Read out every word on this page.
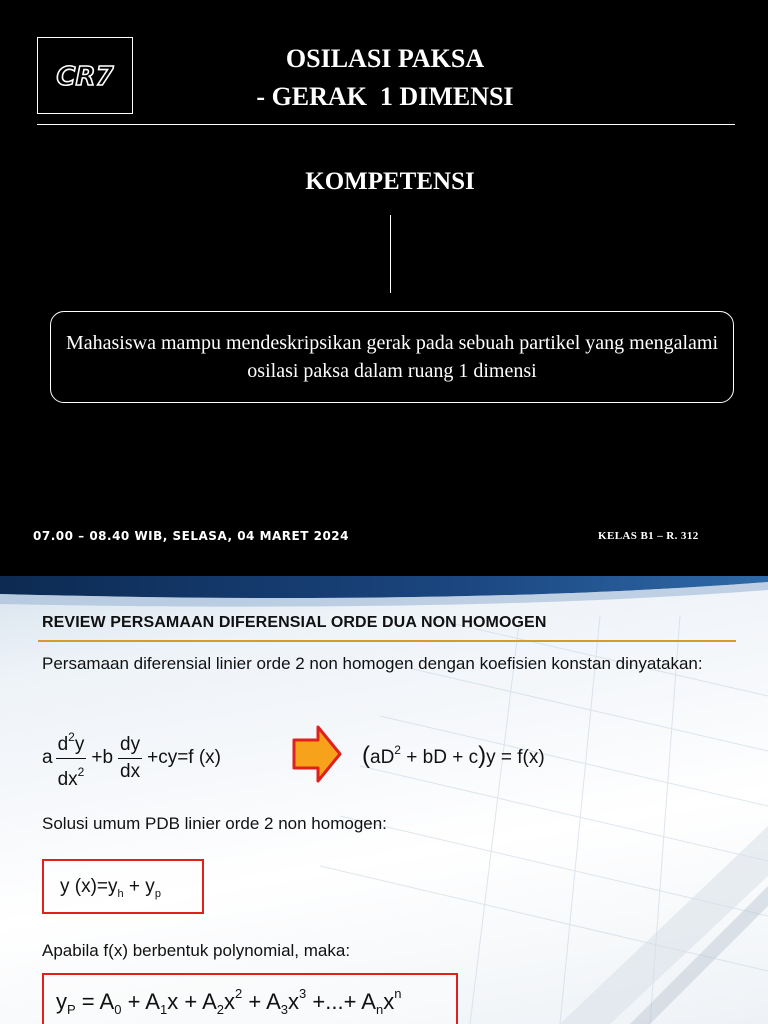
CR7
OSILASI PAKSA
- GERAK  1 DIMENSI
KOMPETENSI
Mahasiswa mampu mendeskripsikan gerak pada sebuah partikel yang mengalami osilasi paksa dalam ruang 1 dimensi
07.00 – 08.40 WIB, SELASA, 04 MARET 2024	KELAS B1 – R. 312
REVIEW PERSAMAAN DIFERENSIAL ORDE DUA NON HOMOGEN
Persamaan diferensial linier orde 2 non homogen dengan koefisien konstan dinyatakan:
a $\frac{d^2y}{dx^2} +b \frac{dy}{dx} +cy=f$ (x)	($aD^2$ + bD + c)y = f(x)
Solusi umum PDB linier orde 2 non homogen:
y $(x)=y_h + y_p$
Apabila f(x) berbentuk polynomial, maka:
$y_P = A_0 + A_1x + A_2x^2 + A_3x^3$ +...+ $A_nx^n$
